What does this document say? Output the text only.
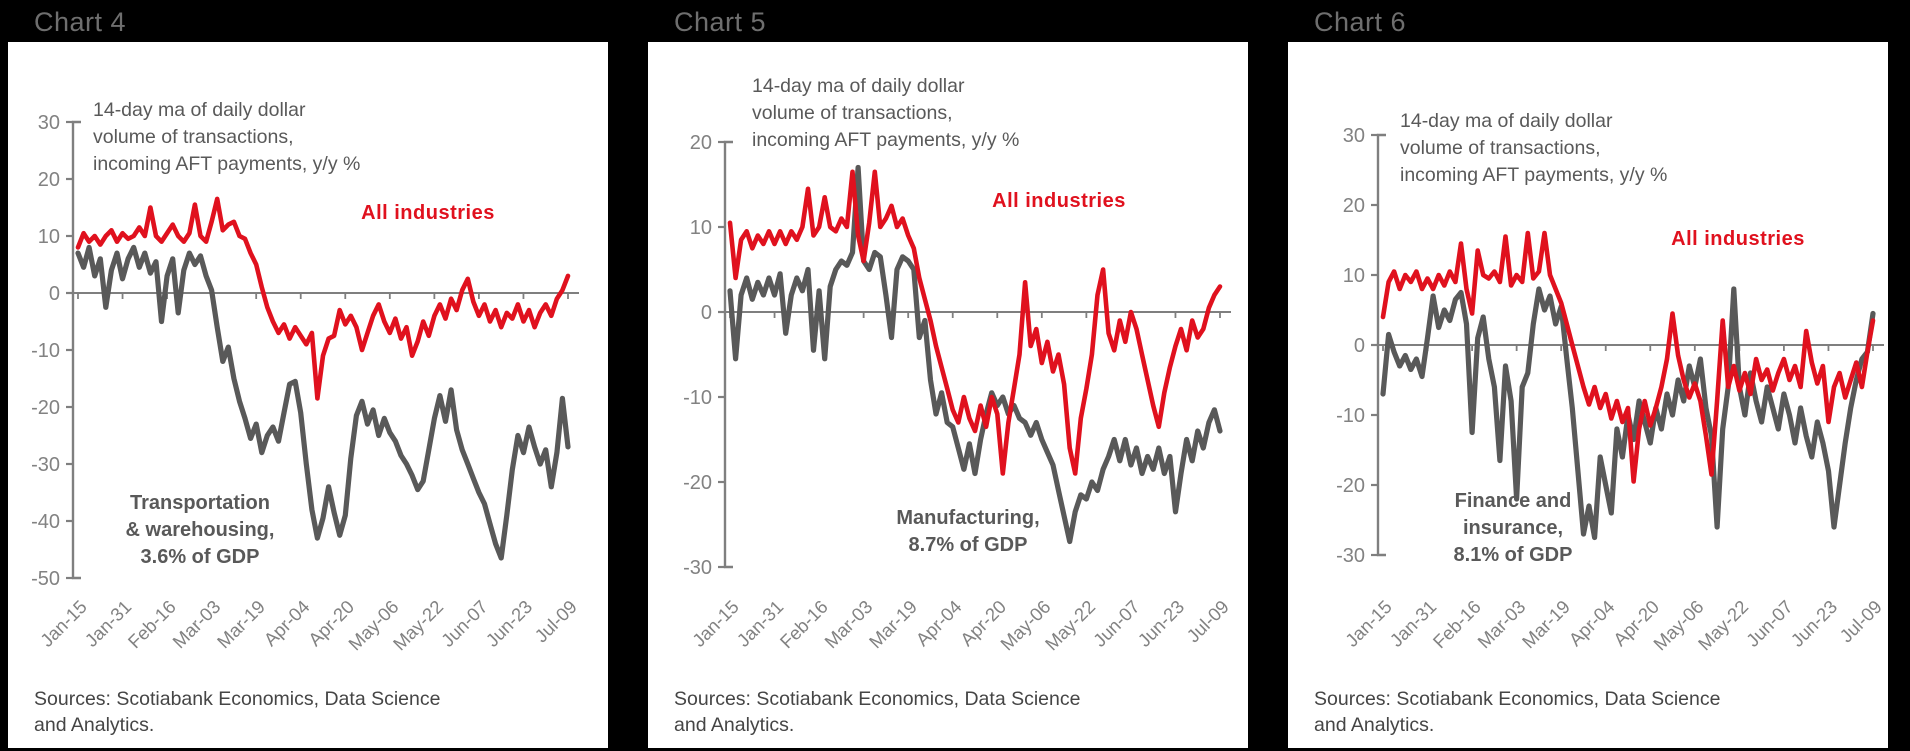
Chart 4	Chart 5	Chart 6
30
20
10
0
-10
-20
-30
-40
-50
Jan-15
Jan-31
Feb-16
Mar-03
Mar-19
Apr-04
Apr-20
May-06
May-22
Jun-07
Jun-23
Jul-09
14-day ma of daily dollar
volume of transactions,
incoming AFT payments, y/y %
All industries
Transportation
& warehousing,
3.6% of GDP
Sources: Scotiabank Economics, Data Science
and Analytics.
20
10
0
-10
-20
-30
Jan-15
Jan-31
Feb-16
Mar-03
Mar-19
Apr-04
Apr-20
May-06
May-22
Jun-07
Jun-23
Jul-09
14-day ma of daily dollar
volume of transactions,
incoming AFT payments, y/y %
All industries
Manufacturing,
8.7% of GDP
Sources: Scotiabank Economics, Data Science
and Analytics.
30
20
10
0
-10
-20
-30
Jan-15
Jan-31
Feb-16
Mar-03
Mar-19
Apr-04
Apr-20
May-06
May-22
Jun-07
Jun-23
Jul-09
14-day ma of daily dollar
volume of transactions,
incoming AFT payments, y/y %
All industries
Finance and
insurance,
8.1% of GDP
Sources: Scotiabank Economics, Data Science
and Analytics.
